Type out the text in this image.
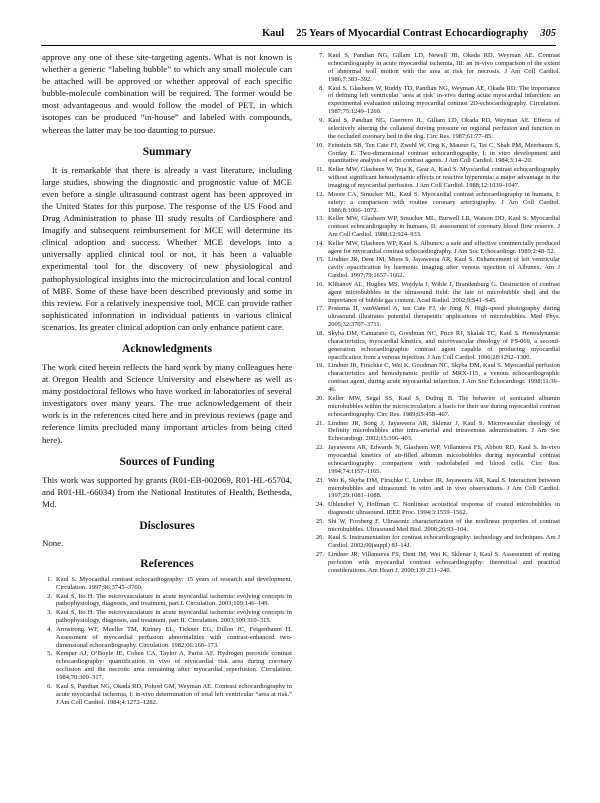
Kaul 25 Years of Myocardial Contrast Echocardiography 305

approve any one of these site-targeting agents. What is not known is whether a generic “labeling bubble” to which any small molecule can be attached will be approved or whether approval of each specific bubble-molecule combination will be required. The former would be most advantageous and would follow the model of PET, in which isotopes can be produced “in-house” and labeled with compounds, whereas the latter may be too daunting to pursue.

Summary

It is remarkable that there is already a vast literature, including large studies, showing the diagnostic and prognostic value of MCE even before a single ultrasound contrast agent has been approved in the United States for this purpose. The response of the US Food and Drug Administration to phase III study results of Cardiosphere and Imagify and subsequent reimbursement for MCE will determine its clinical adoption and success. Whether MCE develops into a universally applied clinical tool or not, it has been a valuable experimental tool for the discovery of new physiological and pathophysiological insights into the microcirculation and local control of MBF. Some of these have been described previously and some in this review. For a relatively inexpensive tool, MCE can provide rather sophisticated information in individual patients in various clinical scenarios. Its greater clinical adoption can only enhance patient care.

Acknowledgments

The work cited herein reflects the hard work by many colleagues here at Oregon Health and Science University and elsewhere as well as many postdoctoral fellows who have worked in laboratories of several investigators over many years. The true acknowledgement of their work is in the references cited here and in previous reviews (page and reference limits precluded many important articles from being cited here).

Sources of Funding

This work was supported by grants (R01-EB-002069, R01-HL-65704, and R01-HL-66034) from the National Institutes of Health, Bethesda, Md.

Disclosures

None.

References
1. Kaul S. Myocardial contrast echocardiography: 15 years of research and development. Circulation. 1997;96:3745–3760.
2. Kaul S, Ito H. The microvasculature in acute myocardial ischemia: evolving concepts in pathophysiology, diagnosis, and treatment, part I. Circulation. 2003;109:146–149.
3. Kaul S, Ito H. The microvasculature in acute myocardial ischemia: evolving concepts in pathophysiology, diagnosis, and treatment, part II. Circulation. 2003;109:310–315.
4. Armstrong WF, Mueller TM, Kinney EL, Tickner EG, Dillon JC, Feigenbaum H. Assessment of myocardial perfusion abnormalities with contrast-enhanced two-dimensional echocardiography. Circulation. 1982;66:166–173.
5. Kemper AJ, O’Boyle JE, Cohen CA, Taylor A, Parisi AF. Hydrogen peroxide contrast echocardiography: quantification in vivo of myocardial risk area during coronary occlusion and the necrotic area remaining after myocardial reperfusion. Circulation. 1984;70:309–317.
6. Kaul S, Pandian NG, Okada RD, Pohost GM, Weyman AE. Contrast echocardiography in acute myocardial ischemia, I: in-vivo determination of total left ventricular “area at risk.” J Am Coll Cardiol. 1984;4:1272–1282.
7. Kaul S, Pandian NG, Gillam LD, Newell JB, Okada RD, Weyman AE. Contrast echocardiography in acute myocardial ischemia, III: an in-vivo comparison of the extent of abnormal wall motion with the area at risk for necrosis. J Am Coll Cardiol. 1986;7:383–392.
8. Kaul S, Glasheen W, Ruddy TD, Pandian NG, Weyman AE, Okada RD. The importance of defining left ventricular ‘area at risk’ in-vivo during acute myocardial infarction: an experimental evaluation utilizing myocardial contrast 2D-echocardiography. Circulation. 1987;75:1249–1260.
9. Kaul S, Pandian NG, Guerrero JL, Gillam LD, Okada RD, Weyman AE. Effects of selectively altering the collateral driving pressure on regional perfusion and function in the occluded coronary bed in the dog. Circ Res. 1987;61:77–85.
10. Feinstein SB, Ten Cate FJ, Zwehl W, Ong K, Maurer G, Tei C, Shah PM, Meerbaum S, Corday E. Two-dimensional contrast echocardiography, I: in vitro development and quantitative analysis of echo contrast agents. J Am Coll Cardiol. 1984;3:14–20.
11. Keller MW, Glasheen W, Teja K, Gear A, Kaul S. Myocardial contrast echocardiography without significant hemodynamic effects or reactive hyperemia: a major advantage in the imaging of myocardial perfusion. J Am Coll Cardiol. 1988;12:1039–1047.
12. Moore CA, Smucker ML, Kaul S. Myocardial contrast echocardiography in humans, I: safety: a comparison with routine coronary arteriography. J Am Coll Cardiol. 1986;8:1066–1072.
13. Keller MW, Glasheen WP, Smucker ML, Burwell LR, Watson DD, Kaul S. Myocardial contrast echocardiography in humans, II: assessment of coronary blood flow reserve. J Am Coll Cardiol. 1988;12:924–933.
14. Keller MW, Glasheen WP, Kaul S. Albunex: a safe and effective commercially produced agent for myocardial contrast echocardiography. J Am Soc Echocardiogr. 1989;2:48–52.
15. Lindner JR, Dent JM, Moos S, Jayaweera AR, Kaul S. Enhancement of left ventricular cavity opacification by harmonic imaging after venous injection of Albunex. Am J Cardiol. 1997;79:1657–1662.
16. Klibanov AL, Hughes MS, Wojdyla J, Wible J, Brandenburg G. Destruction of contrast agent microbubbles in the ultrasound field: the fate of microbubble shell and the importance of bubble gas content. Acad Radiol. 2002;9:S41–S45.
17. Postema H, vanWamel A, ten Cate FJ, de Jong N. High-speed photography during ultrasound illustrates potential therapeutic applications of microbubbles. Med Phys. 2005;32:3707–3711.
18. Skyba DM, Camarano G, Goodman NC, Price RJ, Skalak TC, Kaul S. Hemodynamic characteristics, myocardial kinetics, and microvascular rheology of FS-069, a second-generation echocardiographic contrast agent capable of producing myocardial opacification from a venous injection. J Am Coll Cardiol. 1996;28:1292–1300.
19. Lindner JR, Firschke C, Wei K, Goodman NC, Skyba DM, Kaul S. Myocardial perfusion characteristics and hemodynamic profile of MRX-115, a venous echocardiographic contrast agent, during acute myocardial infarction. J Am Soc Echocardiogr. 1998;11:36–46.
20. Keller MW, Segal SS, Kaul S, Duling B. The behavior of sonicated albumin microbubbles within the microcirculation: a basis for their use during myocardial contrast echocardiography. Circ Res. 1989;65:458–467.
21. Lindner JR, Song J, Jayaweera AR, Sklenar J, Kaul S. Microvascular rheology of Definity microbubbles after intra-arterial and intravenous administration. J Am Soc Echocardiogr. 2002;15:396–403.
22. Jayaweera AR, Edwards N, Glasheen WP, Villanueva FS, Abbott RD, Kaul S. In-vivo myocardial kinetics of air-filled albumin microbubbles during myocardial contrast echocardiography: comparison with radiolabeled red blood cells. Circ Res. 1994;74:1157–1165.
23. Wei K, Skyba DM, Firschke C, Lindner JR, Jayaweera AR, Kaul S. Interaction between microbubbles and ultrasound: in vitro and in vivo observations. J Am Coll Cardiol. 1997;29:1081–1088.
24. Uhlendorf V, Hoffman C. Nonlinear acoustical response of coated microbubbles in diagnostic ultrasound. IEEE Proc. 1994;3:1559–1562.
25. Shi W, Forsberg F. Ultrasonic characterization of the nonlinear properties of contrast microbubbles. Ultrasound Med Biol. 2000;26:93–104.
26. Kaul S. Instrumentation for contrast echocardiography: technology and techniques. Am J Cardiol. 2002;90(suppl) 8J–14J.
27. Lindner JR, Villanueva FS, Dent JM, Wei K, Sklenar J, Kaul S. Assessment of resting perfusion with myocardial contrast echocardiography: theoretical and practical considerations. Am Heart J. 2000;139:231–240.
